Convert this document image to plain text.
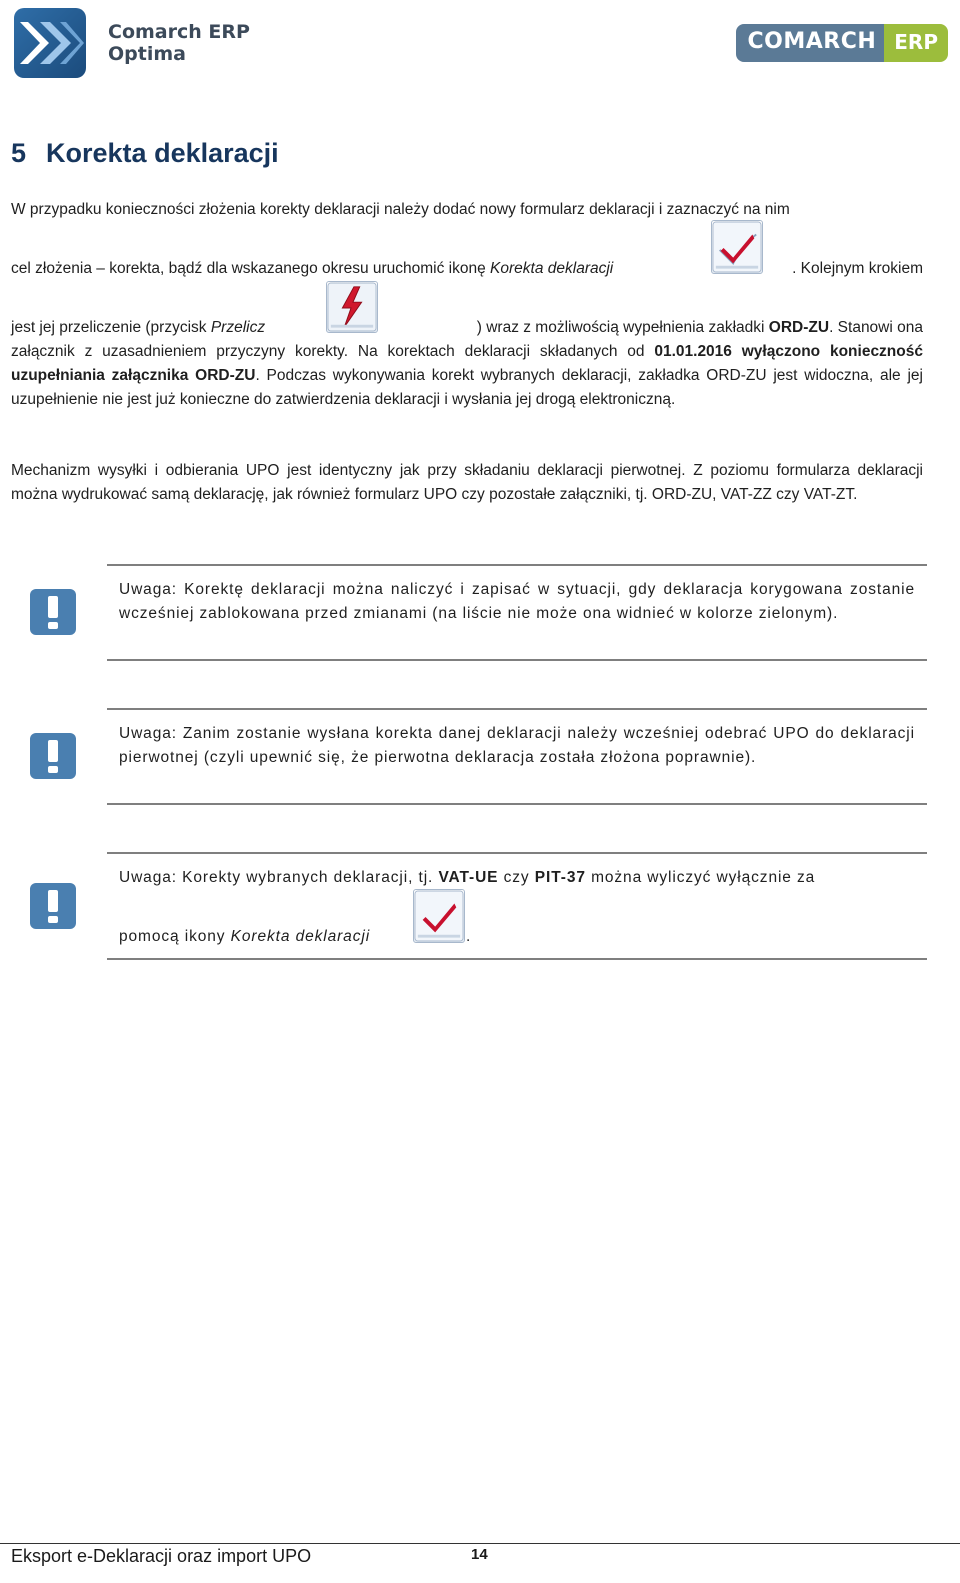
Comarch ERP
Optima	COMARCH ERP
5 Korekta deklaracji
W przypadku konieczności złożenia korekty deklaracji należy dodać nowy formularz deklaracji i zaznaczyć na nim
cel złożenia – korekta, bądź dla wskazanego okresu uruchomić ikonę Korekta deklaracji	. Kolejnym krokiem
jest jej przeliczenie (przycisk Przelicz	) wraz z możliwością wypełnienia zakładki ORD-ZU. Stanowi ona
załącznik z uzasadnieniem przyczyny korekty. Na korektach deklaracji składanych od 01.01.2016 wyłączono konieczność uzupełniania załącznika ORD-ZU. Podczas wykonywania korekt wybranych deklaracji, zakładka ORD-ZU jest widoczna, ale jej uzupełnienie nie jest już konieczne do zatwierdzenia deklaracji i wysłania jej drogą elektroniczną.
Mechanizm wysyłki i odbierania UPO jest identyczny jak przy składaniu deklaracji pierwotnej. Z poziomu formularza deklaracji można wydrukować samą deklarację, jak również formularz UPO czy pozostałe załączniki, tj. ORD-ZU, VAT-ZZ czy VAT-ZT.
Uwaga: Korektę deklaracji można naliczyć i zapisać w sytuacji, gdy deklaracja korygowana zostanie wcześniej zablokowana przed zmianami (na liście nie może ona widnieć w kolorze zielonym).
Uwaga: Zanim zostanie wysłana korekta danej deklaracji należy wcześniej odebrać UPO do deklaracji pierwotnej (czyli upewnić się, że pierwotna deklaracja została złożona poprawnie).
Uwaga: Korekty wybranych deklaracji, tj. VAT-UE czy PIT-37 można wyliczyć wyłącznie za
pomocą ikony Korekta deklaracji	.
Eksport e-Deklaracji oraz import UPO	14
